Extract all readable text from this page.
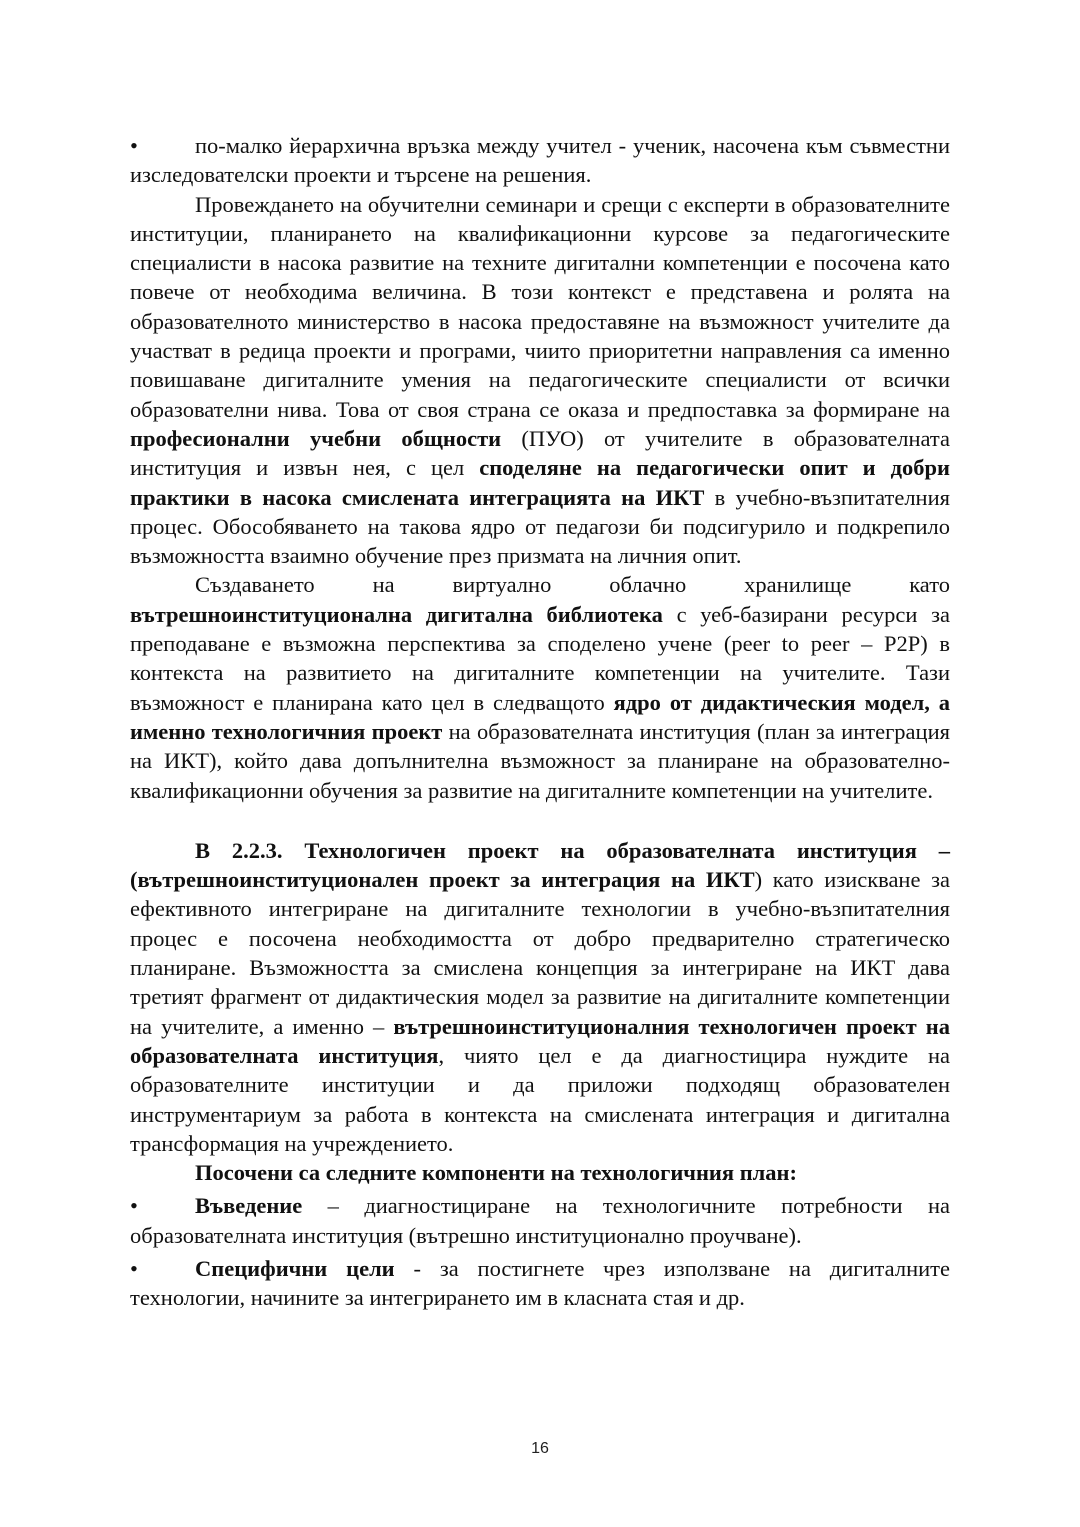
•	по-малко йерархична връзка между учител - ученик, насочена към съвместни изследователски проекти и търсене на решения.

Провеждането на обучителни семинари и срещи с експерти в образователните институции, планирането на квалификационни курсове за педагогическите специалисти в насока развитие на техните дигитални компетенции е посочена като повече от необходима величина. В този контекст е представена и ролята на образователното министерство в насока предоставяне на възможност учителите да участват в редица проекти и програми, чиито приоритетни направления са именно повишаване дигиталните умения на педагогическите специалисти от всички образователни нива. Това от своя страна се оказа и предпоставка за формиране на професионални учебни общности (ПУО) от учителите в образователната институция и извън нея, с цел споделяне на педагогически опит и добри практики в насока смислената интеграцията на ИКТ в учебно-възпитателния процес. Обособяването на такова ядро от педагози би подсигурило и подкрепило възможността взаимно обучение през призмата на личния опит.

Създаването на виртуално облачно хранилище като вътрешноинституционална дигитална библиотека с уеб-базирани ресурси за преподаване е възможна перспектива за споделено учене (peer to peer – P2P) в контекста на развитието на дигиталните компетенции на учителите. Тази възможност е планирана като цел в следващото ядро от дидактическия модел, а именно технологичния проект на образователната институция (план за интеграция на ИКТ), който дава допълнителна възможност за планиране на образователно-квалификационни обучения за развитие на дигиталните компетенции на учителите.

В 2.2.3. Технологичен проект на образователната институция – (вътрешноинституционален проект за интеграция на ИКТ) като изискване за ефективното интегриране на дигиталните технологии в учебно-възпитателния процес е посочена необходимостта от добро предварително стратегическо планиране. Възможността за смислена концепция за интегриране на ИКТ дава третият фрагмент от дидактическия модел за развитие на дигиталните компетенции на учителите, а именно – вътрешноинституционалния технологичен проект на образователната институция, чиято цел е да диагностицира нуждите на образователните институции и да приложи подходящ образователен инструментариум за работа в контекста на смислената интеграция и дигитална трансформация на учреждението.

Посочени са следните компоненти на технологичния план:

•	Въведение – диагностициране на технологичните потребности на образователната институция (вътрешно институционално проучване).

•	Специфични цели - за постигнете чрез използване на дигиталните технологии, начините за интегрирането им в класната стая и др.

16
